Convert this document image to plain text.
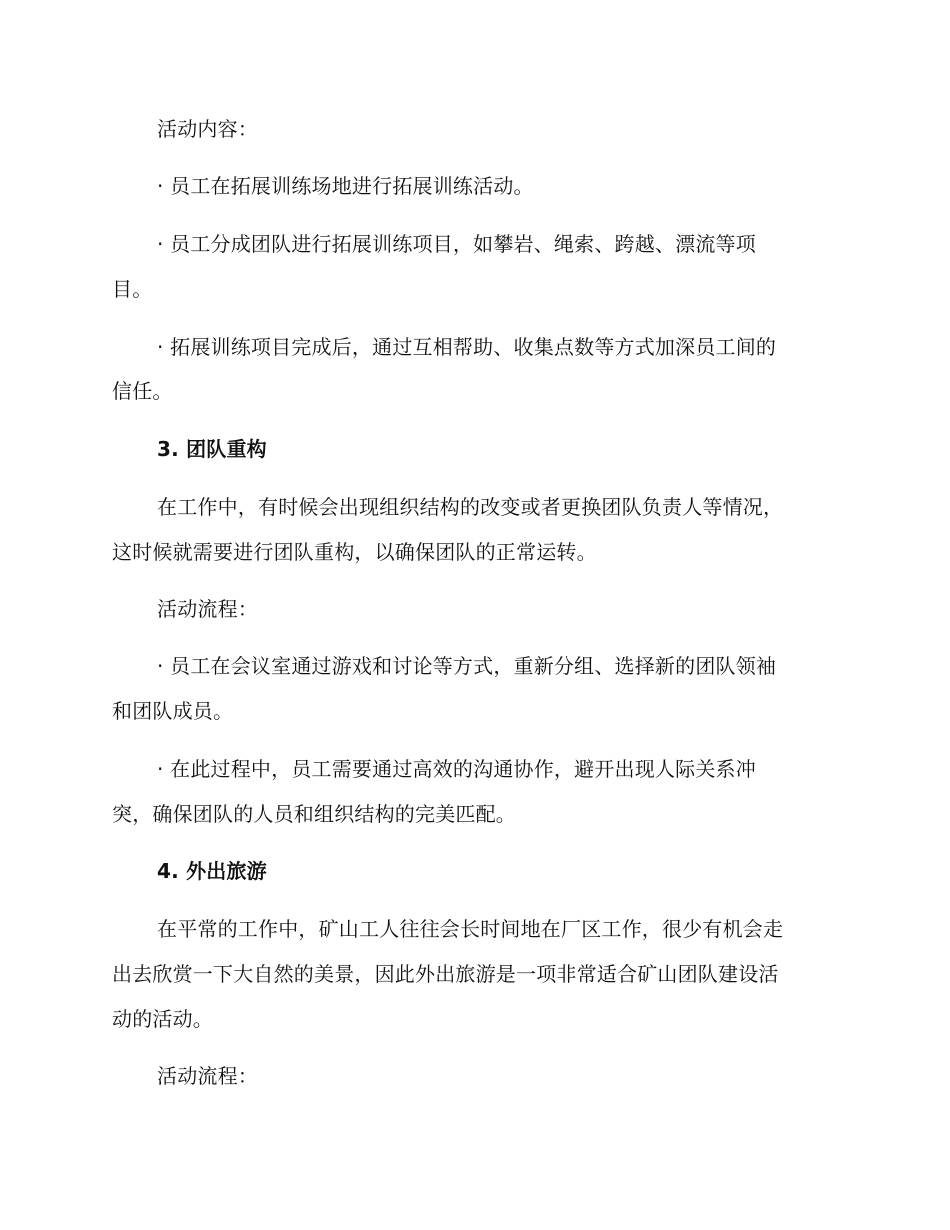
活动内容：
· 员工在拓展训练场地进行拓展训练活动。
· 员工分成团队进行拓展训练项目，如攀岩、绳索、跨越、漂流等项
目。
· 拓展训练项目完成后，通过互相帮助、收集点数等方式加深员工间的
信任。
3. 团队重构
在工作中，有时候会出现组织结构的改变或者更换团队负责人等情况，
这时候就需要进行团队重构，以确保团队的正常运转。
活动流程：
· 员工在会议室通过游戏和讨论等方式，重新分组、选择新的团队领袖
和团队成员。
· 在此过程中，员工需要通过高效的沟通协作，避开出现人际关系冲
突，确保团队的人员和组织结构的完美匹配。
4. 外出旅游
在平常的工作中，矿山工人往往会长时间地在厂区工作，很少有机会走
出去欣赏一下大自然的美景，因此外出旅游是一项非常适合矿山团队建设活
动的活动。
活动流程：
